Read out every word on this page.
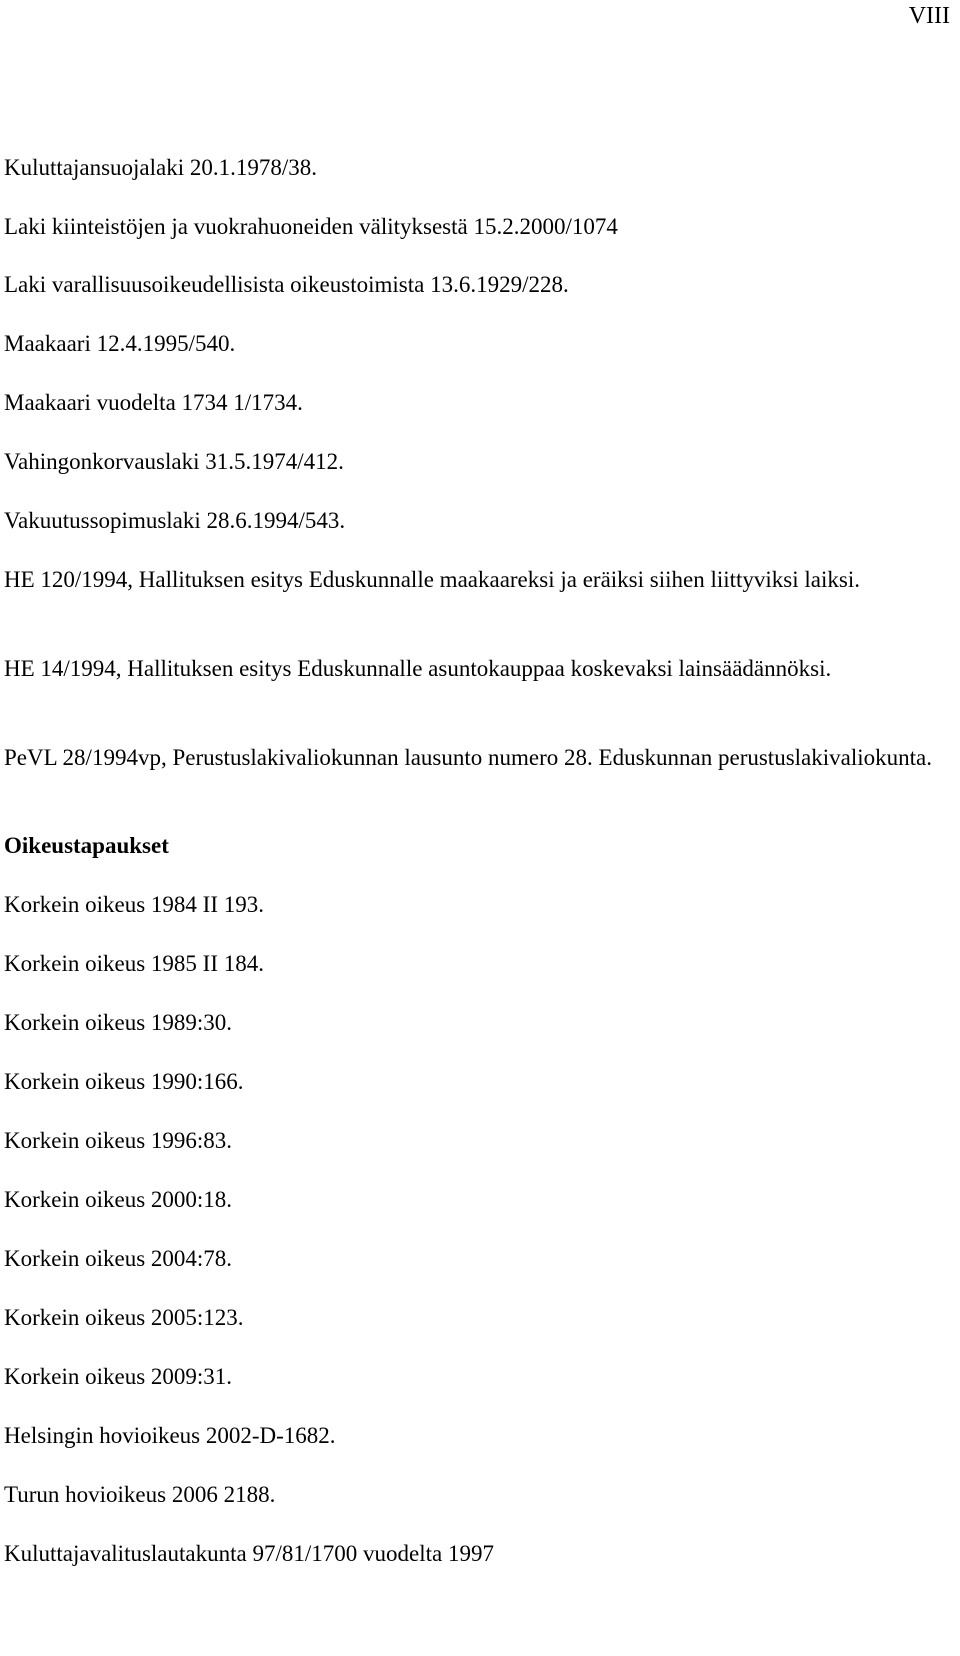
VIII
Kuluttajansuojalaki 20.1.1978/38.
Laki kiinteistöjen ja vuokrahuoneiden välityksestä 15.2.2000/1074
Laki varallisuusoikeudellisista oikeustoimista 13.6.1929/228.
Maakaari 12.4.1995/540.
Maakaari vuodelta 1734 1/1734.
Vahingonkorvauslaki 31.5.1974/412.
Vakuutussopimuslaki 28.6.1994/543.
HE 120/1994, Hallituksen esitys Eduskunnalle maakaareksi ja eräiksi siihen liittyviksi laiksi.
HE 14/1994, Hallituksen esitys Eduskunnalle asuntokauppaa koskevaksi lainsäädännöksi.
PeVL 28/1994vp, Perustuslakivaliokunnan lausunto numero 28. Eduskunnan perustuslakivaliokunta.
Oikeustapaukset
Korkein oikeus 1984 II 193.
Korkein oikeus 1985 II 184.
Korkein oikeus 1989:30.
Korkein oikeus 1990:166.
Korkein oikeus 1996:83.
Korkein oikeus 2000:18.
Korkein oikeus 2004:78.
Korkein oikeus 2005:123.
Korkein oikeus 2009:31.
Helsingin hovioikeus 2002-D-1682.
Turun hovioikeus 2006 2188.
Kuluttajavalituslautakunta 97/81/1700 vuodelta 1997
